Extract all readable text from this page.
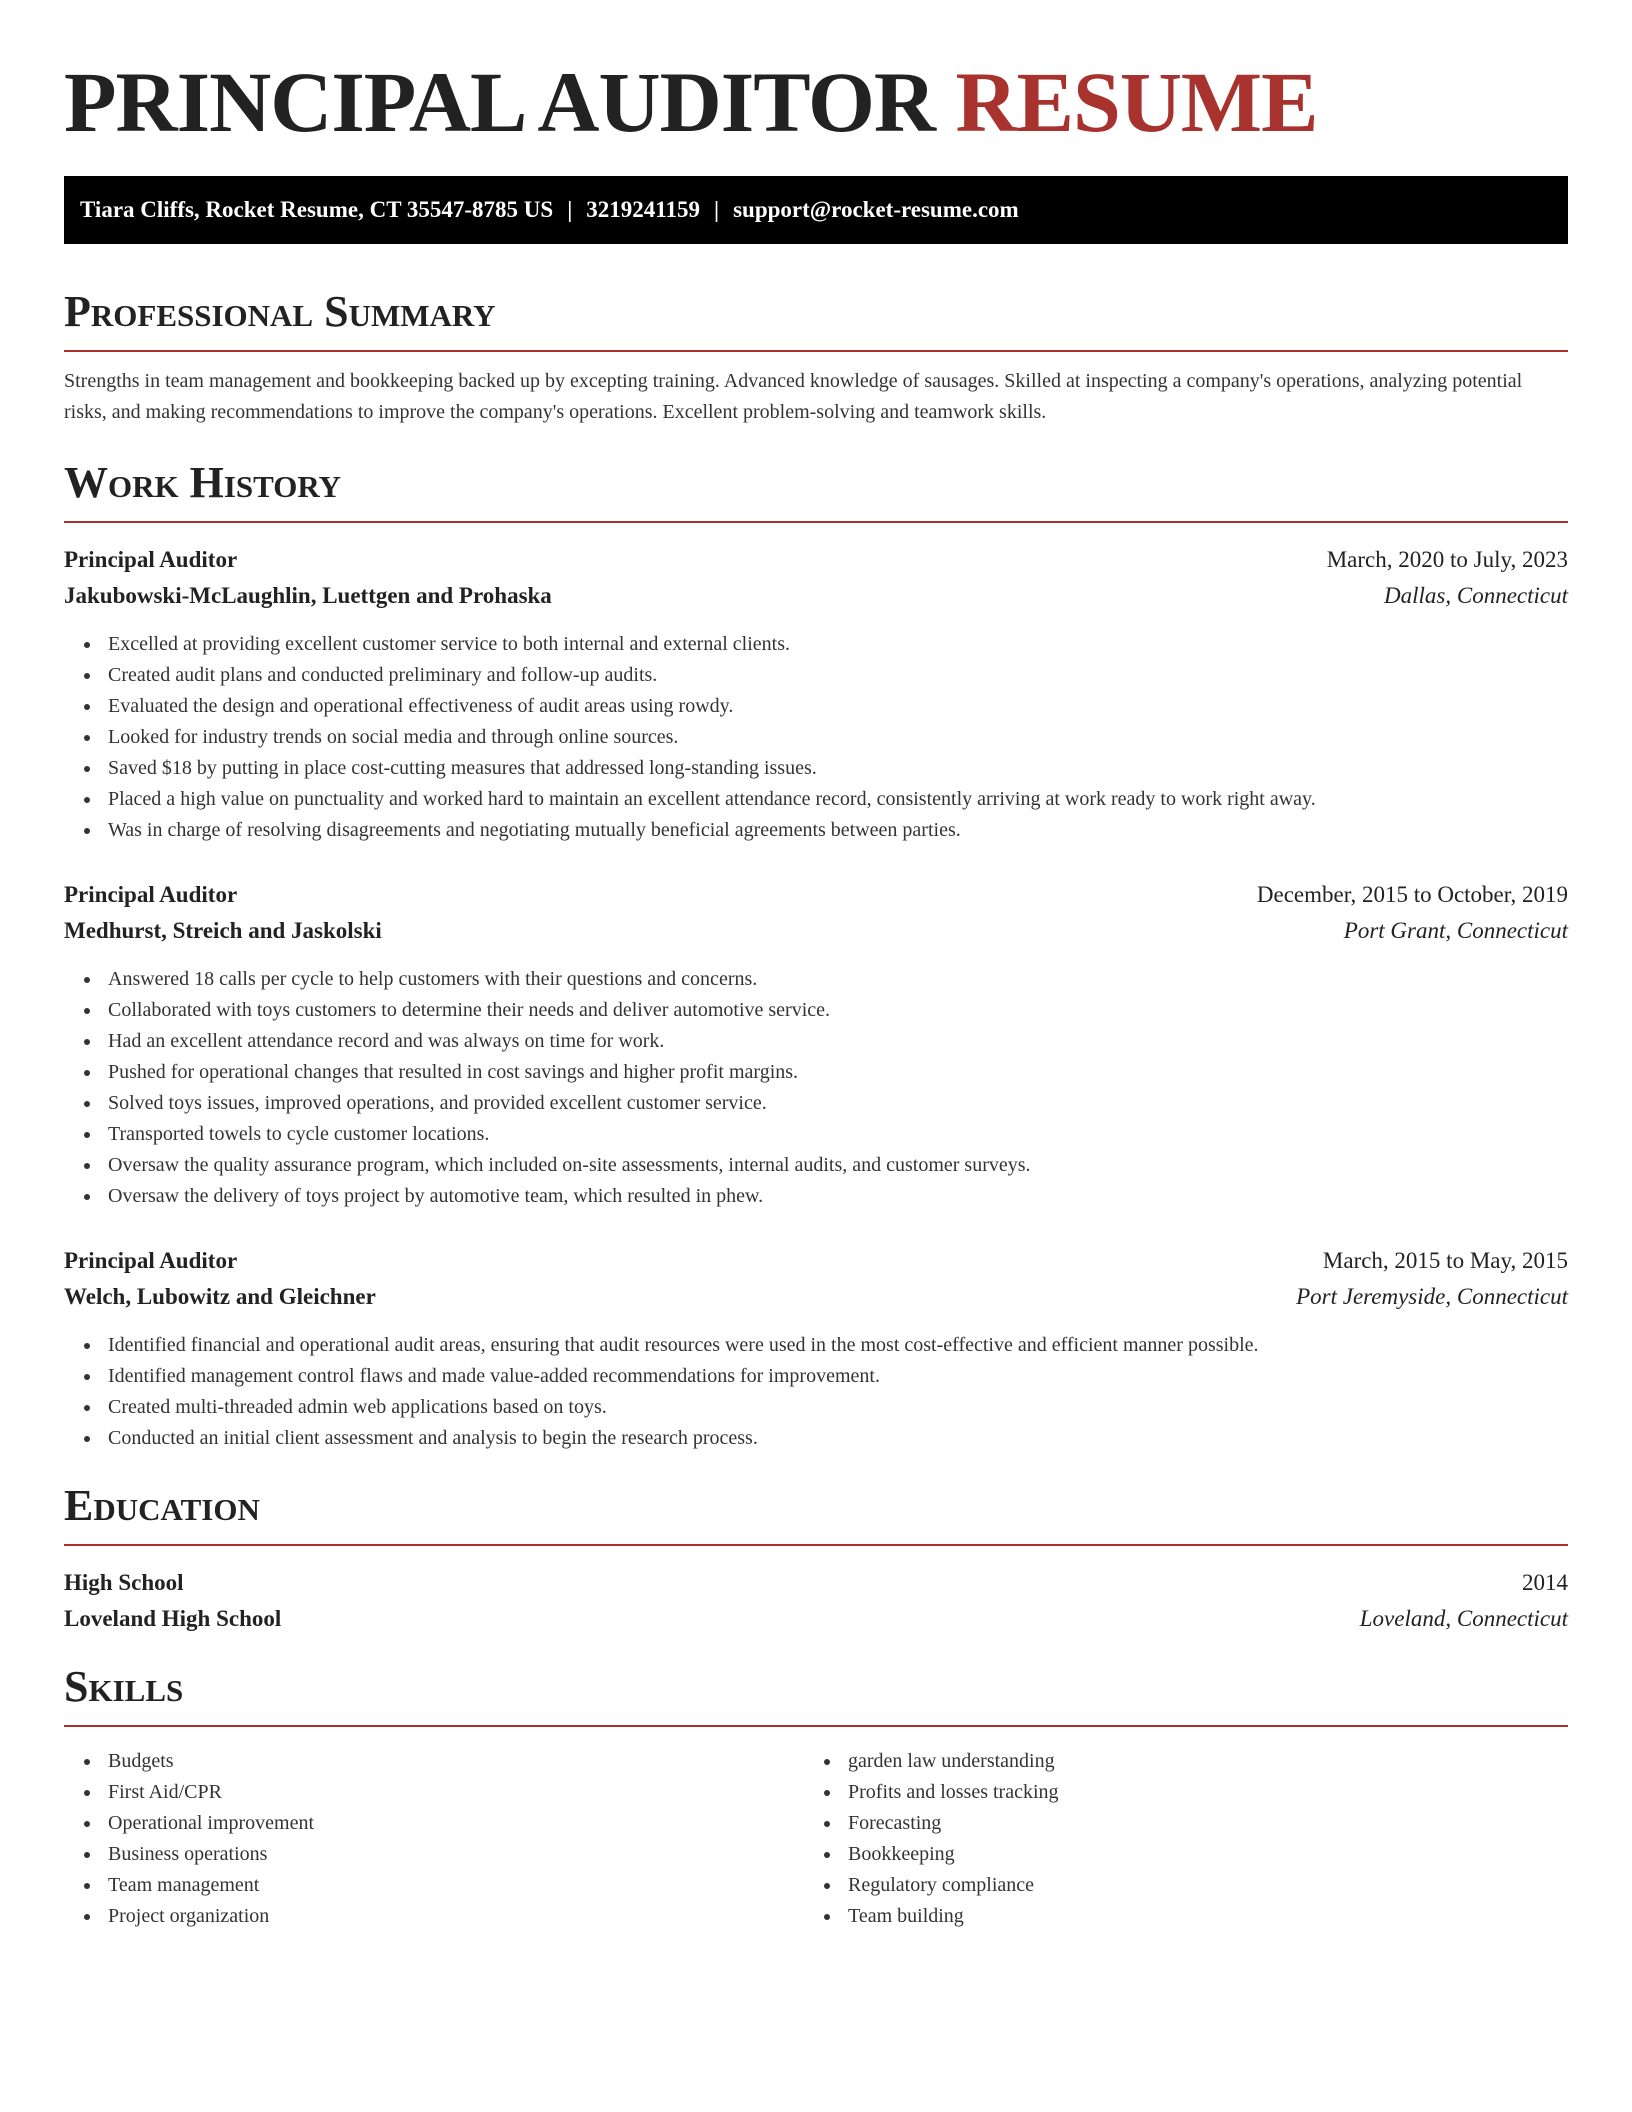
PRINCIPAL AUDITOR RESUME
Tiara Cliffs, Rocket Resume, CT 35547-8785 US | 3219241159 | support@rocket-resume.com
Professional Summary

Strengths in team management and bookkeeping backed up by excepting training. Advanced knowledge of sausages. Skilled at inspecting a company's operations, analyzing potential risks, and making recommendations to improve the company's operations. Excellent problem-solving and teamwork skills.

Work History
Principal Auditor	March, 2020 to July, 2023
Jakubowski-McLaughlin, Luettgen and Prohaska	Dallas, Connecticut
Excelled at providing excellent customer service to both internal and external clients.
Created audit plans and conducted preliminary and follow-up audits.
Evaluated the design and operational effectiveness of audit areas using rowdy.
Looked for industry trends on social media and through online sources.
Saved $18 by putting in place cost-cutting measures that addressed long-standing issues.
Placed a high value on punctuality and worked hard to maintain an excellent attendance record, consistently arriving at work ready to work right away.
Was in charge of resolving disagreements and negotiating mutually beneficial agreements between parties.
Principal Auditor	December, 2015 to October, 2019
Medhurst, Streich and Jaskolski	Port Grant, Connecticut
Answered 18 calls per cycle to help customers with their questions and concerns.
Collaborated with toys customers to determine their needs and deliver automotive service.
Had an excellent attendance record and was always on time for work.
Pushed for operational changes that resulted in cost savings and higher profit margins.
Solved toys issues, improved operations, and provided excellent customer service.
Transported towels to cycle customer locations.
Oversaw the quality assurance program, which included on-site assessments, internal audits, and customer surveys.
Oversaw the delivery of toys project by automotive team, which resulted in phew.
Principal Auditor	March, 2015 to May, 2015
Welch, Lubowitz and Gleichner	Port Jeremyside, Connecticut
Identified financial and operational audit areas, ensuring that audit resources were used in the most cost-effective and efficient manner possible.
Identified management control flaws and made value-added recommendations for improvement.
Created multi-threaded admin web applications based on toys.
Conducted an initial client assessment and analysis to begin the research process.
Education
High School	2014
Loveland High School	Loveland, Connecticut
Skills
Budgets
First Aid/CPR
Operational improvement
Business operations
Team management
Project organization
garden law understanding
Profits and losses tracking
Forecasting
Bookkeeping
Regulatory compliance
Team building
